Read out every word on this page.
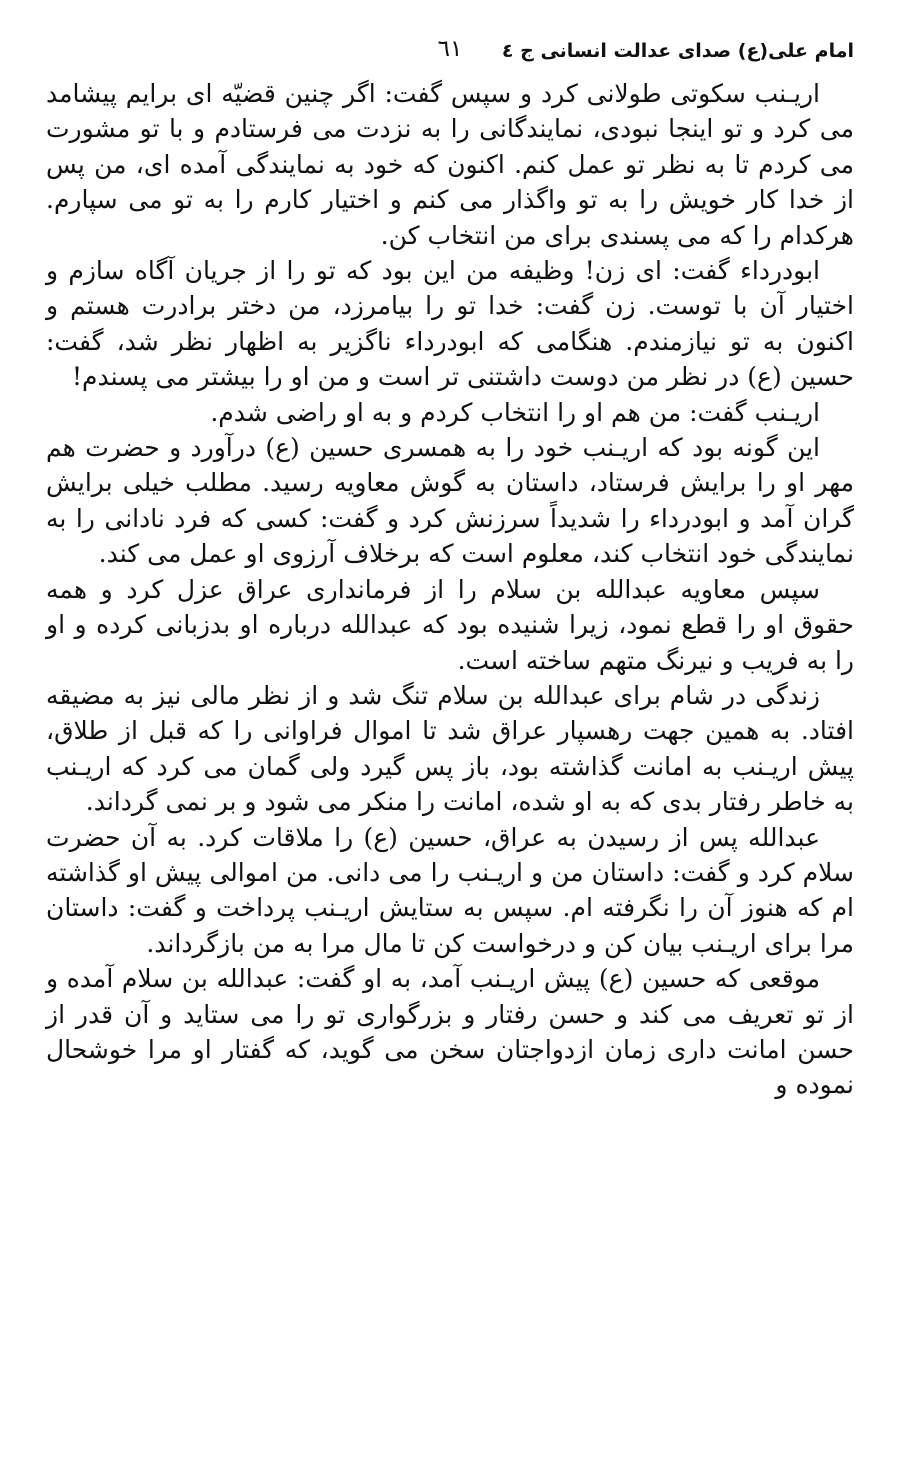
امام علی(ع) صدای عدالت انسانی ج ٤
٦١

اریـنب سکوتی طولانی کرد و سپس گفت: اگر چنین قضیّه ای برایم پیشامد می کرد و تو اینجا نبودی، نمایندگانی را به نزدت می فرستادم و با تو مشورت می کردم تا به نظر تو عمل کنم. اکنون که خود به نمایندگی آمده ای، من پس از خدا کار خویش را به تو واگذار می کنم و اختیار کارم را به تو می سپارم. هرکدام را که می پسندی برای من انتخاب کن.

ابودرداء گفت: ای زن! وظیفه من این بود که تو را از جریان آگاه سازم و اختیار آن با توست. زن گفت: خدا تو را بیامرزد، من دختر برادرت هستم و اکنون به تو نیازمندم. هنگامی که ابودرداء ناگزیر به اظهار نظر شد، گفت: حسین (ع) در نظر من دوست داشتنی تر است و من او را بیشتر می پسندم!

اریـنب گفت: من هم او را انتخاب کردم و به او راضی شدم.

این گونه بود که اریـنب خود را به همسری حسین (ع) درآورد و حضرت هم مهر او را برایش فرستاد، داستان به گوش معاویه رسید. مطلب خیلی برایش گران آمد و ابودرداء را شدیداً سرزنش کرد و گفت: کسی که فرد نادانی را به نمایندگی خود انتخاب کند، معلوم است که برخلاف آرزوی او عمل می کند.

سپس معاویه عبدالله بن سلام را از فرمانداری عراق عزل کرد و همه حقوق او را قطع نمود، زیرا شنیده بود که عبدالله درباره او بدزبانی کرده و او را به فریب و نیرنگ متهم ساخته است.

زندگی در شام برای عبدالله بن سلام تنگ شد و از نظر مالی نیز به مضیقه افتاد. به همین جهت رهسپار عراق شد تا اموال فراوانی را که قبل از طلاق، پیش اریـنب به امانت گذاشته بود، باز پس گیرد ولی گمان می کرد که اریـنب به خاطر رفتار بدی که به او شده، امانت را منکر می شود و بر نمی گرداند.

عبدالله پس از رسیدن به عراق، حسین (ع) را ملاقات کرد. به آن حضرت سلام کرد و گفت: داستان من و اریـنب را می دانی. من اموالی پیش او گذاشته ام که هنوز آن را نگرفته ام. سپس به ستایش اریـنب پرداخت و گفت: داستان مرا برای اریـنب بیان کن و درخواست کن تا مال مرا به من بازگرداند.

موقعی که حسین (ع) پیش اریـنب آمد، به او گفت: عبدالله بن سلام آمده و از تو تعریف می کند و حسن رفتار و بزرگواری تو را می ستاید و آن قدر از حسن امانت داری زمان ازدواجتان سخن می گوید، که گفتار او مرا خوشحال نموده و
